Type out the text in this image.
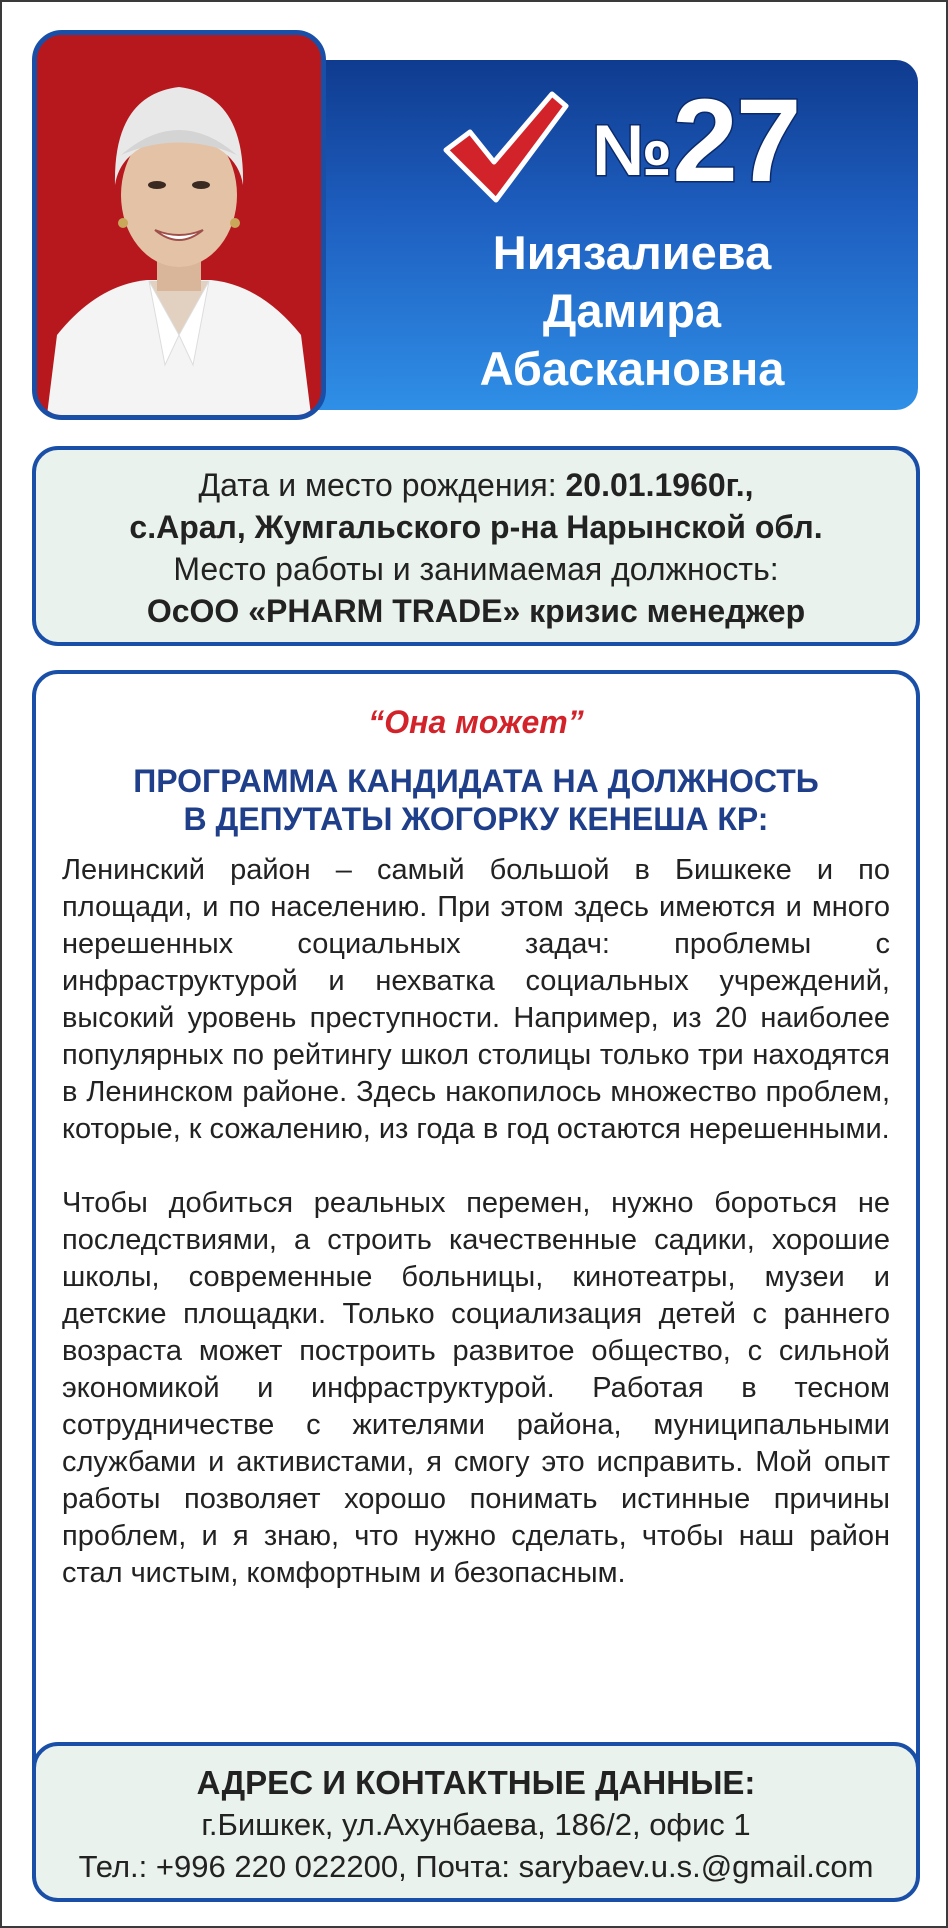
№27
Ниязалиева
Дамира
Абаскановна
Дата и место рождения: 20.01.1960г.,
с.Арал, Жумгальского р-на Нарынской обл.
Место работы и занимаемая должность:
ОсОО «PHARM TRADE» кризис менеджер
“Она может”
ПРОГРАММА КАНДИДАТА НА ДОЛЖНОСТЬ
В ДЕПУТАТЫ ЖОГОРКУ КЕНЕША КР:

Ленинский район – самый большой в Бишкеке и по площади, и по населению. При этом здесь имеются и много нерешенных социальных задач: проблемы с инфраструктурой и нехватка социальных учреждений, высокий уровень преступности. Например, из 20 наиболее популярных по рейтингу школ столицы только три находятся в Ленинском районе. Здесь накопилось множество проблем, которые, к сожалению, из года в год остаются нерешенными.

Чтобы добиться реальных перемен, нужно бороться не последствиями, а строить качественные садики, хорошие школы, современные больницы, кинотеатры, музеи и детские площадки. Только социализация детей с раннего возраста может построить развитое общество, с сильной экономикой и инфраструктурой. Работая в тесном сотрудничестве с жителями района, муниципальными службами и активистами, я смогу это исправить. Мой опыт работы позволяет хорошо понимать истинные причины проблем, и я знаю, что нужно сделать, чтобы наш район стал чистым, комфортным и безопасным.

АДРЕС И КОНТАКТНЫЕ ДАННЫЕ:
г.Бишкек, ул.Ахунбаева, 186/2, офис 1
Тел.: +996 220 022200, Почта: sarybaev.u.s.@gmail.com
